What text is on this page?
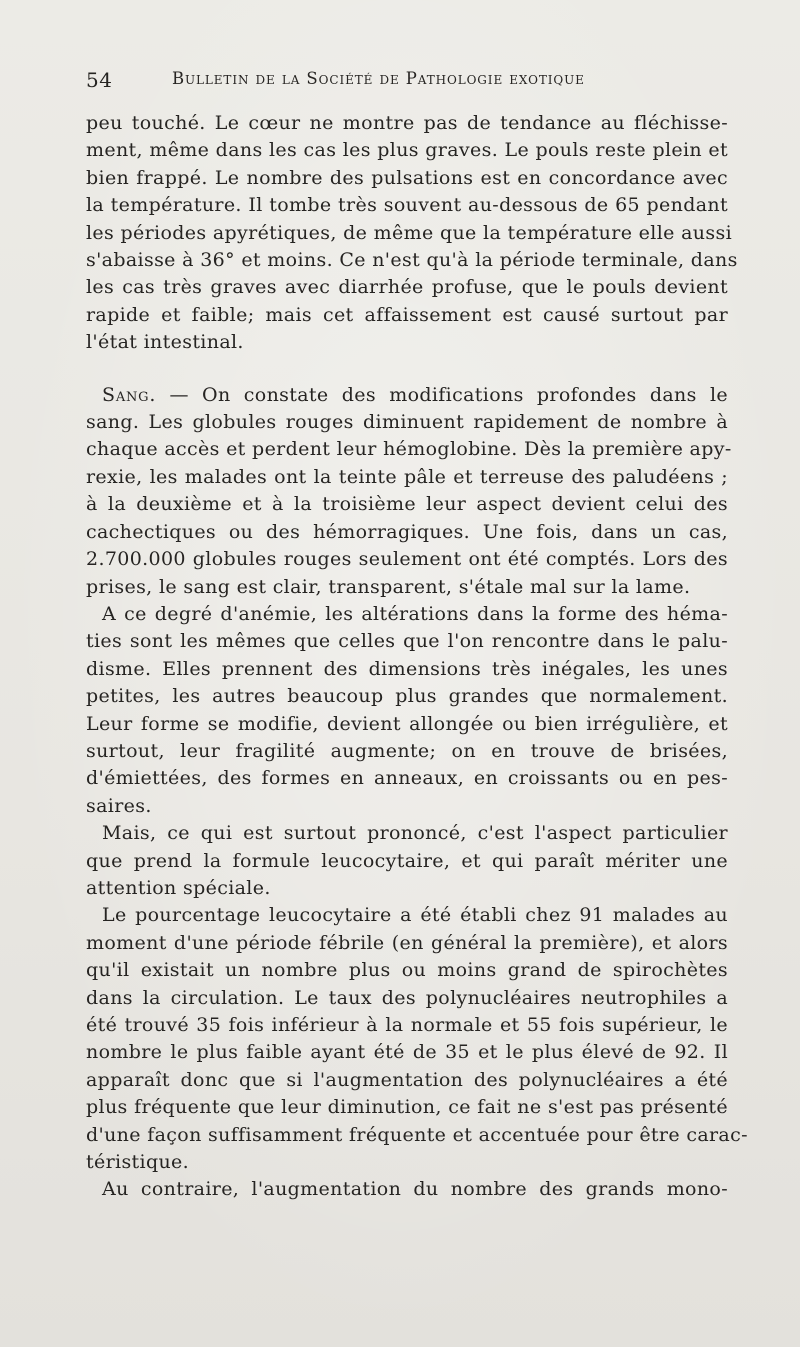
54	Bulletin de la Société de Pathologie exotique

peu touché. Le cœur ne montre pas de tendance au fléchisse-
ment, même dans les cas les plus graves. Le pouls reste plein et
bien frappé. Le nombre des pulsations est en concordance avec
la température. Il tombe très souvent au-dessous de 65 pendant
les périodes apyrétiques, de même que la température elle aussi
s'abaisse à 36° et moins. Ce n'est qu'à la période terminale, dans
les cas très graves avec diarrhée profuse, que le pouls devient
rapide et faible; mais cet affaissement est causé surtout par
l'état intestinal.

Sang. — On constate des modifications profondes dans le
sang. Les globules rouges diminuent rapidement de nombre à
chaque accès et perdent leur hémoglobine. Dès la première apy-
rexie, les malades ont la teinte pâle et terreuse des paludéens ;
à la deuxième et à la troisième leur aspect devient celui des
cachectiques ou des hémorragiques. Une fois, dans un cas,
2.700.000 globules rouges seulement ont été comptés. Lors des
prises, le sang est clair, transparent, s'étale mal sur la lame.

A ce degré d'anémie, les altérations dans la forme des héma-
ties sont les mêmes que celles que l'on rencontre dans le palu-
disme. Elles prennent des dimensions très inégales, les unes
petites, les autres beaucoup plus grandes que normalement.
Leur forme se modifie, devient allongée ou bien irrégulière, et
surtout, leur fragilité augmente; on en trouve de brisées,
d'émiettées, des formes en anneaux, en croissants ou en pes-
saires.

Mais, ce qui est surtout prononcé, c'est l'aspect particulier
que prend la formule leucocytaire, et qui paraît mériter une
attention spéciale.

Le pourcentage leucocytaire a été établi chez 91 malades au
moment d'une période fébrile (en général la première), et alors
qu'il existait un nombre plus ou moins grand de spirochètes
dans la circulation. Le taux des polynucléaires neutrophiles a
été trouvé 35 fois inférieur à la normale et 55 fois supérieur, le
nombre le plus faible ayant été de 35 et le plus élevé de 92. Il
apparaît donc que si l'augmentation des polynucléaires a été
plus fréquente que leur diminution, ce fait ne s'est pas présenté
d'une façon suffisamment fréquente et accentuée pour être carac-
téristique.

Au contraire, l'augmentation du nombre des grands mono-
